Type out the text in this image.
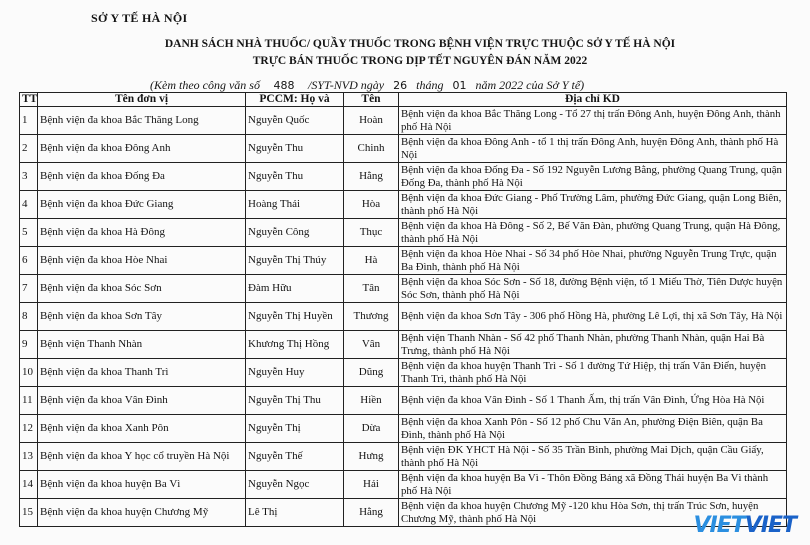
SỞ Y TẾ HÀ NỘI
DANH SÁCH NHÀ THUỐC/ QUẦY THUỐC TRONG BỆNH VIỆN TRỰC THUỘC SỞ Y TẾ HÀ NỘI
TRỰC BÁN THUỐC TRONG DỊP TẾT NGUYÊN ĐÁN NĂM 2022
(Kèm theo công văn số 488 /SYT-NVD ngày 26 tháng 01 năm 2022 của Sở Y tế)
TT	Tên đơn vị	PCCM: Họ và	Tên	Địa chỉ KD
1	Bệnh viện đa khoa Bắc Thăng Long	Nguyễn Quốc	Hoàn	Bệnh viện đa khoa Bắc Thăng Long - Tổ 27 thị trấn Đông Anh, huyện Đông Anh, thành phố Hà Nội
2	Bệnh viện đa khoa Đông Anh	Nguyễn Thu	Chinh	Bệnh viện đa khoa Đông Anh - tổ 1 thị trấn Đông Anh, huyện Đông Anh, thành phố Hà Nội
3	Bệnh viện đa khoa Đống Đa	Nguyễn Thu	Hằng	Bệnh viện đa khoa Đống Đa - Số 192 Nguyễn Lương Bằng, phường Quang Trung, quận Đống Đa, thành phố Hà Nội
4	Bệnh viện đa khoa Đức Giang	Hoàng Thái	Hòa	Bệnh viện đa khoa Đức Giang - Phố Trường Lâm, phường Đức Giang, quận Long Biên, thành phố Hà Nội
5	Bệnh viện đa khoa Hà Đông	Nguyễn Công	Thục	Bệnh viện đa khoa Hà Đông - Số 2, Bế Văn Đàn, phường Quang Trung, quận Hà Đông, thành phố Hà Nội
6	Bệnh viện đa khoa Hòe Nhai	Nguyễn Thị Thúy	Hà	Bệnh viện đa khoa Hòe Nhai - Số 34 phố Hòe Nhai, phường Nguyễn Trung Trực, quận Ba Đình, thành phố Hà Nội
7	Bệnh viện đa khoa Sóc Sơn	Đàm Hữu	Tân	Bệnh viện đa khoa Sóc Sơn - Số 18, đường Bệnh viện, tổ 1 Miếu Thờ, Tiên Dược huyện Sóc Sơn, thành phố Hà Nội
8	Bệnh viện đa khoa Sơn Tây	Nguyễn Thị Huyền	Thương	Bệnh viện đa khoa Sơn Tây - 306 phố Hồng Hà, phường Lê Lợi, thị xã Sơn Tây, Hà Nội
9	Bệnh viện Thanh Nhàn	Khương Thị Hồng	Vân	Bệnh viện Thanh Nhàn - Số 42 phố Thanh Nhàn, phường Thanh Nhàn, quận Hai Bà Trưng, thành phố Hà Nội
10	Bệnh viện đa khoa Thanh Trì	Nguyễn Huy	Dũng	Bệnh viện đa khoa huyện Thanh Trì - Số 1 đường Tứ Hiệp, thị trấn Văn Điển, huyện Thanh Trì, thành phố Hà Nội
11	Bệnh viện đa khoa Vân Đình	Nguyễn Thị Thu	Hiền	Bệnh viện đa khoa Vân Đình - Số 1 Thanh Ấm, thị trấn Vân Đình, Ứng Hòa Hà Nội
12	Bệnh viện đa khoa Xanh Pôn	Nguyễn Thị	Dừa	Bệnh viện đa khoa Xanh Pôn - Số 12 phố Chu Văn An, phường Điện Biên, quận Ba Đình, thành phố Hà Nội
13	Bệnh viện đa khoa Y học cổ truyền Hà Nội	Nguyễn Thế	Hưng	Bệnh viện ĐK YHCT Hà Nội - Số 35 Trần Bình, phường Mai Dịch, quận Cầu Giấy, thành phố Hà Nội
14	Bệnh viện đa khoa huyện Ba Vì	Nguyễn Ngọc	Hải	Bệnh viện đa khoa huyện Ba Vì - Thôn Đồng Bảng xã Đồng Thái huyện Ba Vì thành phố Hà Nội
15	Bệnh viện đa khoa huyện Chương Mỹ	Lê Thị	Hằng	Bệnh viện đa khoa huyện Chương Mỹ -120 khu Hòa Sơn, thị trấn Trúc Sơn, huyện Chương Mỹ, thành phố Hà Nội	VIETVIET
